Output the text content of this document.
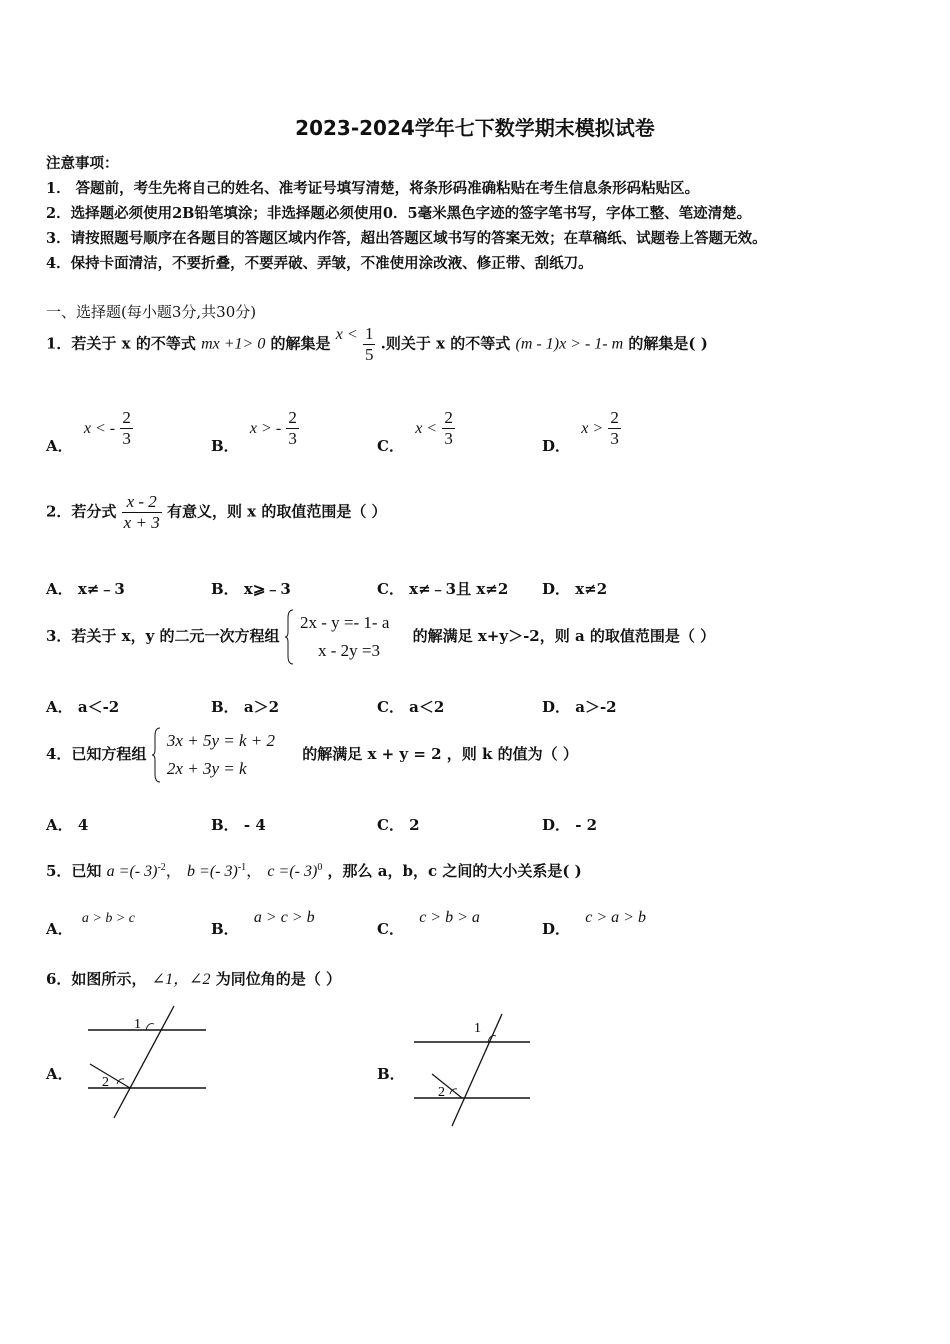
2023-2024学年七下数学期末模拟试卷
注意事项：
1． 答题前，考生先将自己的姓名、准考证号填写清楚，将条形码准确粘贴在考生信息条形码粘贴区。
2．选择题必须使用2B铅笔填涂；非选择题必须使用0．5毫米黑色字迹的签字笔书写，字体工整、笔迹清楚。
3．请按照题号顺序在各题目的答题区域内作答，超出答题区域书写的答案无效；在草稿纸、试题卷上答题无效。
4．保持卡面清洁，不要折叠，不要弄破、弄皱，不准使用涂改液、修正带、刮纸刀。
一、选择题(每小题3分,共30分)
1．若关于 x 的不等式 mx +1> 0 的解集是 $x < \frac{1}{5}$ .则关于 x 的不等式 (m - 1)x > - 1- m 的解集是( )
A． x < - $\frac{2}{3}$	B． x > - $\frac{2}{3}$	C． $x < \frac{2}{3}$	D． $x > \frac{2}{3}$
2．若分式 $\frac{x - 2}{x + 3}$ 有意义，则 x 的取值范围是（ ）
A． x≠﹣3	B． x⩾﹣3	C． x≠﹣3且 x≠2 D． x≠2
3．若关于 x，y 的二元一次方程组
2x - y =- 1- a
x - 2y =3
的解满足 x+y＞-2，则 a 的取值范围是（ ）
A． a＜-2	B． a＞2	C． a＜2	D． a＞-2
4．已知方程组
3x + 5y = k + 2
2x + 3y = k
的解满足 x + y = 2 ，则 k 的值为（ ）
A． 4	B． - 4	C． 2	D． - 2
5．已知 a =(- 3)$^{-2}$， b =(- 3)$^{-1}$， c =(- 3)$^0$ ，那么 a，b，c 之间的大小关系是( )
A． a > b > c
B． a > c > b
C． c > b > a
D． c > a > b
6．如图所示， ∠1，∠2 为同位角的是（ ）
A．
1
2	B．
1
2
